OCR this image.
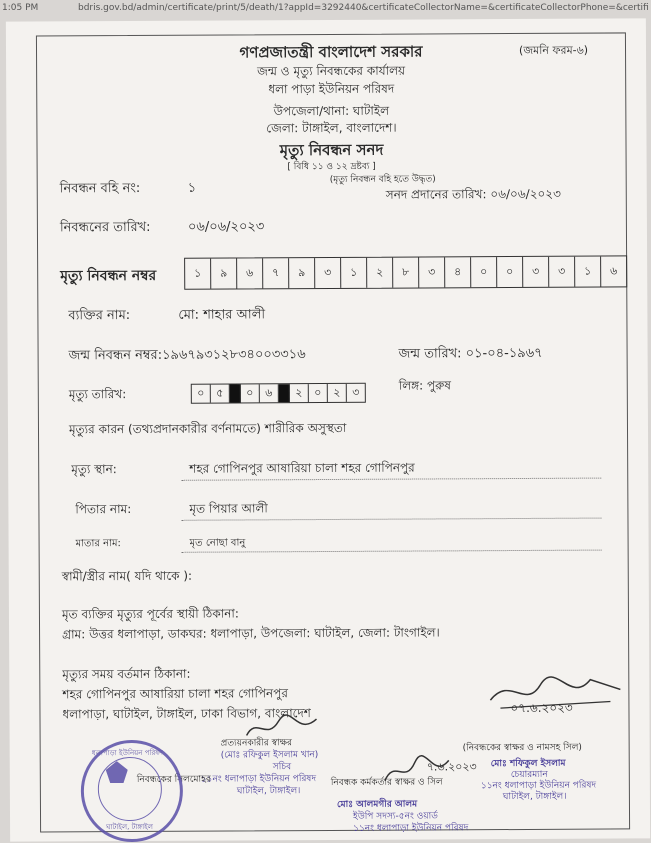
1:05 PM	bdris.gov.bd/admin/certificate/print/5/death/1?appId=3292440&certificateCollectorName=&certificateCollectorPhone=&certifi
গণপ্রজাতন্ত্রী বাংলাদেশ সরকার	(জমনি ফরম-৬)
জন্ম ও মৃত্যু নিবন্ধকের কার্যালয়
ধলা পাড়া ইউনিয়ন পরিষদ
উপজেলা/থানা: ঘাটাইল
জেলা: টাঙ্গাইল, বাংলাদেশ।
মৃত্যু নিবন্ধন সনদ
[ বিধি ১১ ও ১২ দ্রষ্টব্য ]
(মৃত্যু নিবন্ধন বহি হতে উদ্ধৃত)
নিবন্ধন বহি নং:	১	সনদ প্রদানের তারিখ: ০৬/০৬/২০২৩
নিবন্ধনের তারিখ:	০৬/০৬/২০২৩
মৃত্যু নিবন্ধন নম্বর	১	৯	৬	৭	৯	৩	১	২	৮	৩	৪	০	০	৩	৩	১	৬
ব্যক্তির নাম:	মো: শাহার আলী
জন্ম নিবন্ধন নম্বর:১৯৬৭৯৩১২৮৩৪০০৩৩১৬	জন্ম তারিখ: ০১-০৪-১৯৬৭
মৃত্যু তারিখ:	০	৫	০	৬	২	০	২	৩	লিঙ্গ: পুরুষ
মৃত্যুর কারন (তথ্যপ্রদানকারীর বর্ণনামতে) শারীরিক অসুস্থতা
মৃত্যু স্থান:	শহর গোপিনপুর আষারিয়া চালা শহর গোপিনপুর
পিতার নাম:	মৃত পিয়ার আলী
মাতার নাম:	মৃত নোছা বানু
স্বামী/স্ত্রীর নাম( যদি থাকে ):
মৃত ব্যক্তির মৃত্যুর পূর্বের স্থায়ী ঠিকানা:
গ্রাম: উত্তর ধলাপাড়া, ডাকঘর: ধলাপাড়া, উপজেলা: ঘাটাইল, জেলা: টাংগাইল।
মৃত্যুর সময় বর্তমান ঠিকানা:
শহর গোপিনপুর আষারিয়া চালা শহর গোপিনপুর
ধলাপাড়া, ঘাটাইল, টাঙ্গাইল, ঢাকা বিভাগ, বাংলাদেশ	০৭.৬.২০২৩
(নিবন্ধকের স্বাক্ষর ও নামসহ সিল)
মোঃ শফিকুল ইসলাম
চেয়ারম্যান
১১নং ধলাপাড়া ইউনিয়ন পরিষদ
ঘাটাইল, টাঙ্গাইল।
প্রত্যয়নকারীর স্বাক্ষর
(মোঃ রফিকুল ইসলাম খান)
সচিব
১১নং ধলাপাড়া ইউনিয়ন পরিষদ
ঘাটাইল, টাঙ্গাইল।
নিবন্ধকের সিলমোহর
৭.৬.২০২৩
নিবন্ধক কর্মকর্তার স্বাক্ষর ও সিল
মোঃ আলমগীর আলম
ইউপি সদস্য-৫নং ওয়ার্ড
১১নং ধলাপাড়া ইউনিয়ন পরিষদ
ধলাপাড়া ইউনিয়ন পরিষদ
ঘাটাইল, টাঙ্গাইল
